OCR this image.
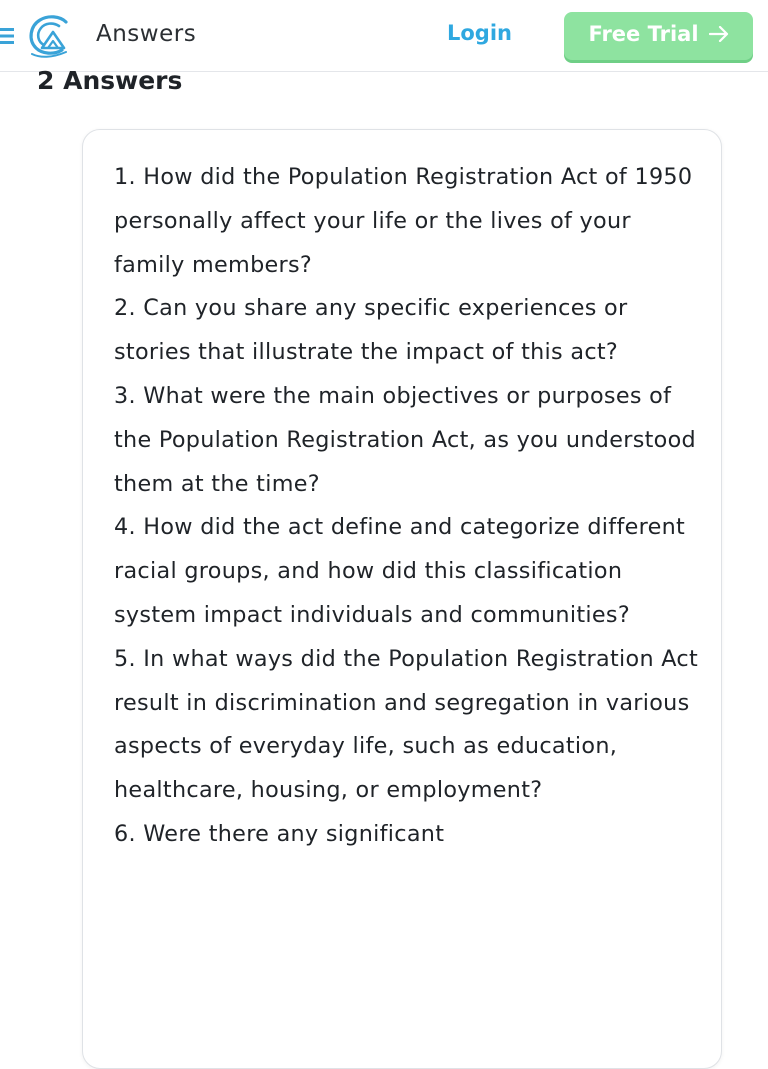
Answers	Login	Free Trial
2 Answers

1. How did the Population Registration Act of 1950 personally affect your life or the lives of your family members?

2. Can you share any specific experiences or stories that illustrate the impact of this act?

3. What were the main objectives or purposes of the Population Registration Act, as you understood them at the time?

4. How did the act define and categorize different racial groups, and how did this classification system impact individuals and communities?

5. In what ways did the Population Registration Act result in discrimination and segregation in various aspects of everyday life, such as education, healthcare, housing, or employment?

6. Were there any significant
